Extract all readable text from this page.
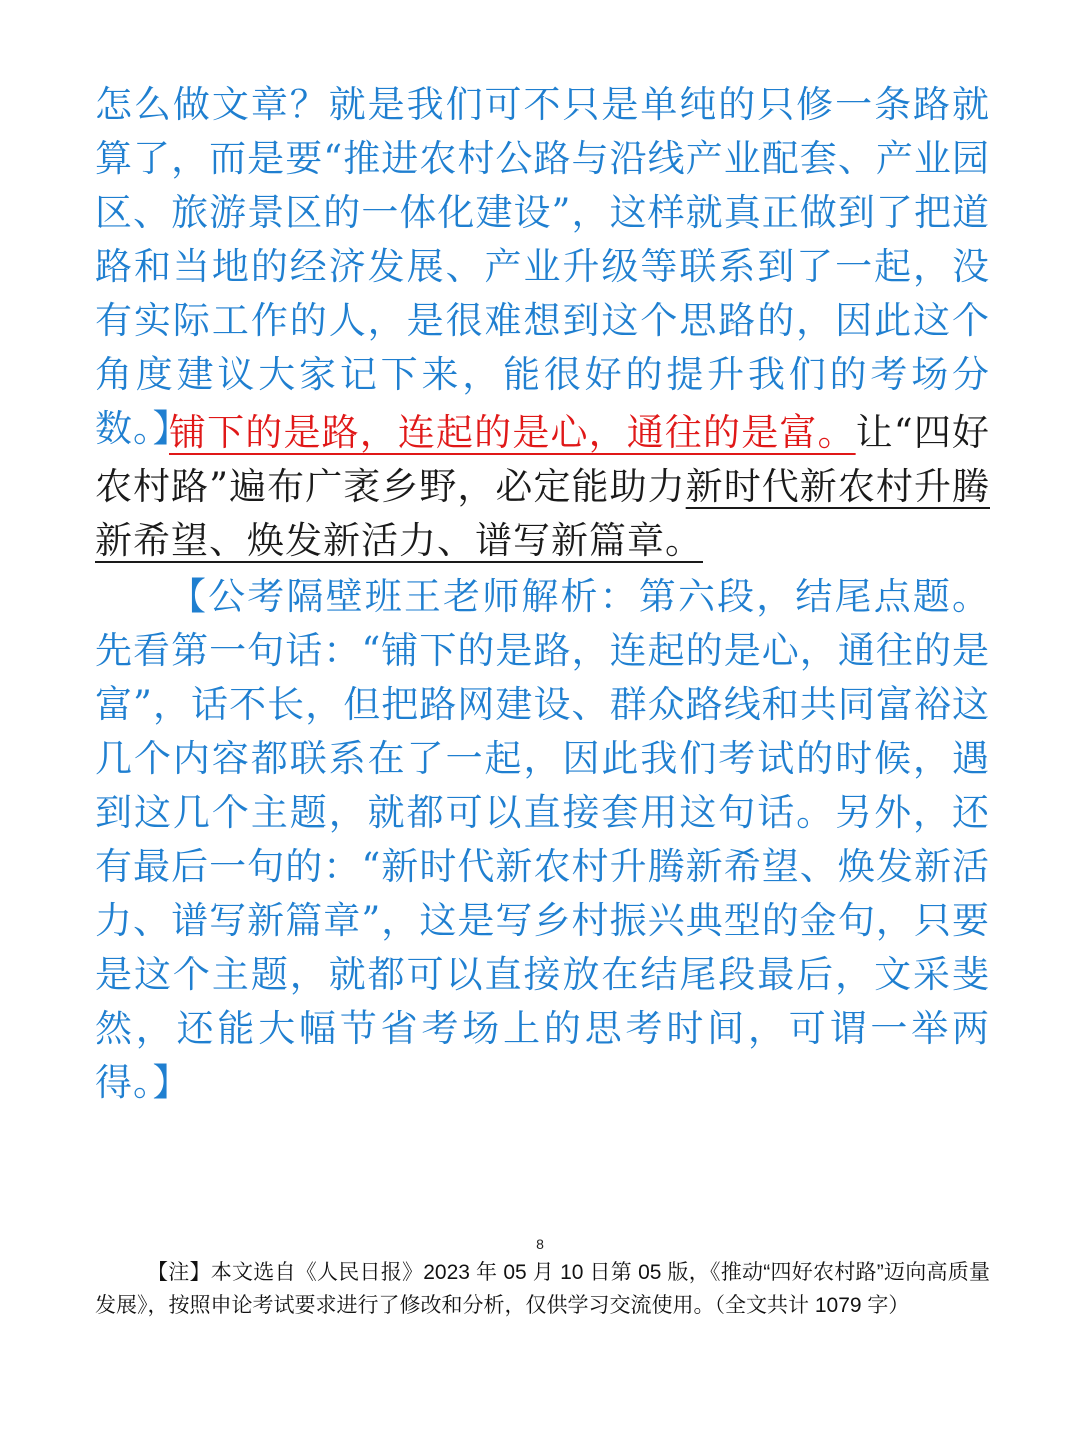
怎么做文章？就是我们可不只是单纯的只修一条路就算了，而是要“推进农村公路与沿线产业配套、产业园区、旅游景区的一体化建设”，这样就真正做到了把道路和当地的经济发展、产业升级等联系到了一起，没有实际工作的人，是很难想到这个思路的，因此这个角度建议大家记下来，能很好的提升我们的考场分数。】

铺下的是路，连起的是心，通往的是富。让“四好农村路”遍布广袤乡野，必定能助力新时代新农村升腾新希望、焕发新活力、谱写新篇章。

【公考隔壁班王老师解析：第六段，结尾点题。先看第一句话：“铺下的是路，连起的是心，通往的是富”，话不长，但把路网建设、群众路线和共同富裕这几个内容都联系在了一起，因此我们考试的时候，遇到这几个主题，就都可以直接套用这句话。另外，还有最后一句的：“新时代新农村升腾新希望、焕发新活力、谱写新篇章”，这是写乡村振兴典型的金句，只要是这个主题，就都可以直接放在结尾段最后，文采斐然，还能大幅节省考场上的思考时间，可谓一举两得。】

8

【注】本文选自《人民日报》2023 年 05 月 10 日第 05 版，《推动“四好农村路”迈向高质量发展》，按照申论考试要求进行了修改和分析，仅供学习交流使用。（全文共计 1079 字）
